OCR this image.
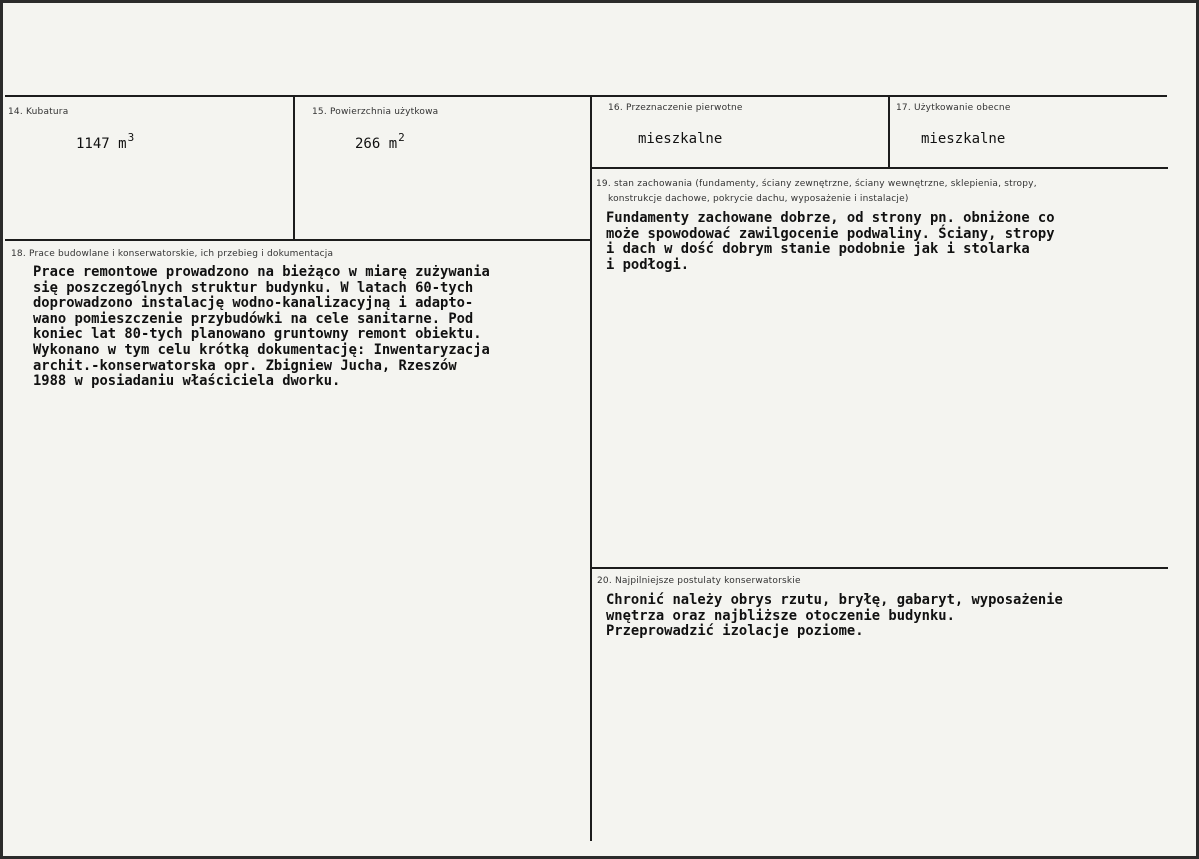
14. Kubatura
1147 $m^3$
15. Powierzchnia użytkowa
266 $m^2$
16. Przeznaczenie pierwotne
mieszkalne
17. Użytkowanie obecne
mieszkalne
19. stan zachowania (fundamenty, ściany zewnętrzne, ściany wewnętrzne, sklepienia, stropy,
konstrukcje dachowe, pokrycie dachu, wyposażenie i instalacje)
Fundamenty zachowane dobrze, od strony pn. obniżone co
może spowodować zawilgocenie podwaliny. Ściany, stropy
i dach w dość dobrym stanie podobnie jak i stolarka
i podłogi.
18. Prace budowlane i konserwatorskie, ich przebieg i dokumentacja
Prace remontowe prowadzono na bieżąco w miarę zużywania
się poszczególnych struktur budynku. W latach 60-tych
doprowadzono instalację wodno-kanalizacyjną i adapto-
wano pomieszczenie przybudówki na cele sanitarne. Pod
koniec lat 80-tych planowano gruntowny remont obiektu.
Wykonano w tym celu krótką dokumentację: Inwentaryzacja
archit.-konserwatorska opr. Zbigniew Jucha, Rzeszów
1988 w posiadaniu właściciela dworku.
20. Najpilniejsze postulaty konserwatorskie
Chronić należy obrys rzutu, bryłę, gabaryt, wyposażenie
wnętrza oraz najbliższe otoczenie budynku.
Przeprowadzić izolacje poziome.
